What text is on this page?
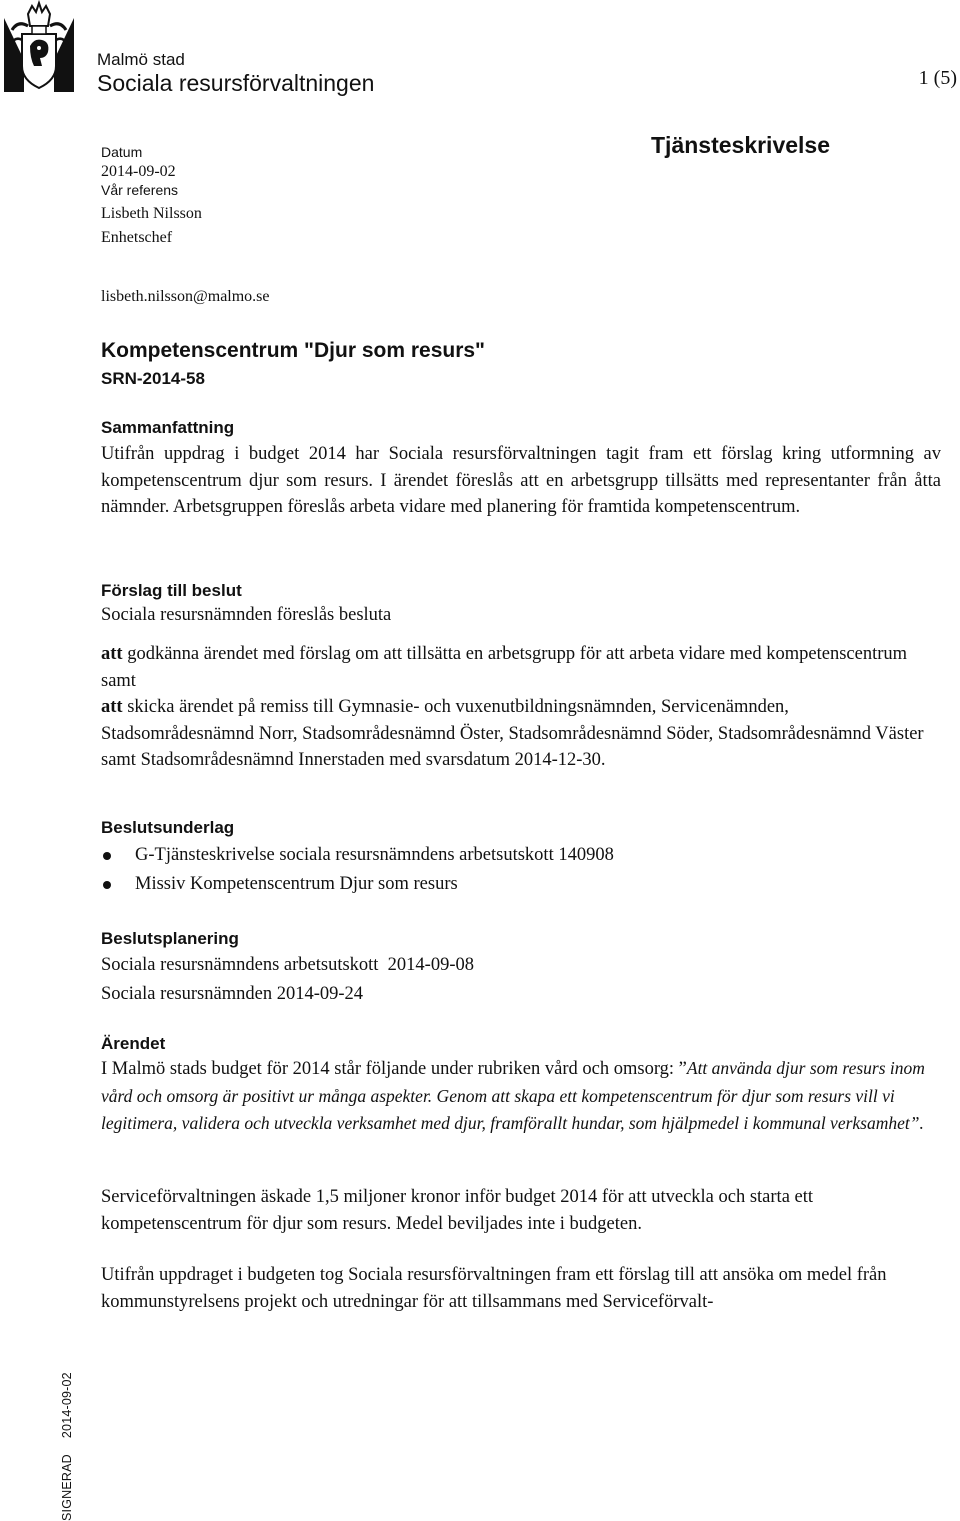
Malmö stad
Sociala resursförvaltningen	1 (5)
Tjänsteskrivelse
Datum
2014-09-02
Vår referens
Lisbeth Nilsson
Enhetschef
lisbeth.nilsson@malmo.se
Kompetenscentrum "Djur som resurs"
SRN-2014-58
Sammanfattning
Utifrån uppdrag i budget 2014 har Sociala resursförvaltningen tagit fram ett förslag kring utformning av kompetenscentrum djur som resurs. I ärendet föreslås att en arbetsgrupp tillsätts med representanter från åtta nämnder. Arbetsgruppen föreslås arbeta vidare med planering för framtida kompetenscentrum.
Förslag till beslut
Sociala resursnämnden föreslås besluta
att godkänna ärendet med förslag om att tillsätta en arbetsgrupp för att arbeta vidare med kompetenscentrum samt
att skicka ärendet på remiss till Gymnasie- och vuxenutbildningsnämnden, Servicenämnden, Stadsområdesnämnd Norr, Stadsområdesnämnd Öster, Stadsområdesnämnd Söder, Stadsområdesnämnd Väster samt Stadsområdesnämnd Innerstaden med svarsdatum 2014-12-30.
Beslutsunderlag
G-Tjänsteskrivelse sociala resursnämndens arbetsutskott 140908
Missiv Kompetenscentrum Djur som resurs
Beslutsplanering
Sociala resursnämndens arbetsutskott  2014-09-08
Sociala resursnämnden 2014-09-24
Ärendet
I Malmö stads budget för 2014 står följande under rubriken vård och omsorg: ”Att använda djur som resurs inom vård och omsorg är positivt ur många aspekter. Genom att skapa ett kompetenscentrum för djur som resurs vill vi legitimera, validera och utveckla verksamhet med djur, framförallt hundar, som hjälpmedel i kommunal verksamhet”.
Serviceförvaltningen äskade 1,5 miljoner kronor inför budget 2014 för att utveckla och starta ett kompetenscentrum för djur som resurs. Medel beviljades inte i budgeten.
Utifrån uppdraget i budgeten tog Sociala resursförvaltningen fram ett förslag till att ansöka om medel från kommunstyrelsens projekt och utredningar för att tillsammans med Serviceförvalt-
SIGNERAD2014-09-02
